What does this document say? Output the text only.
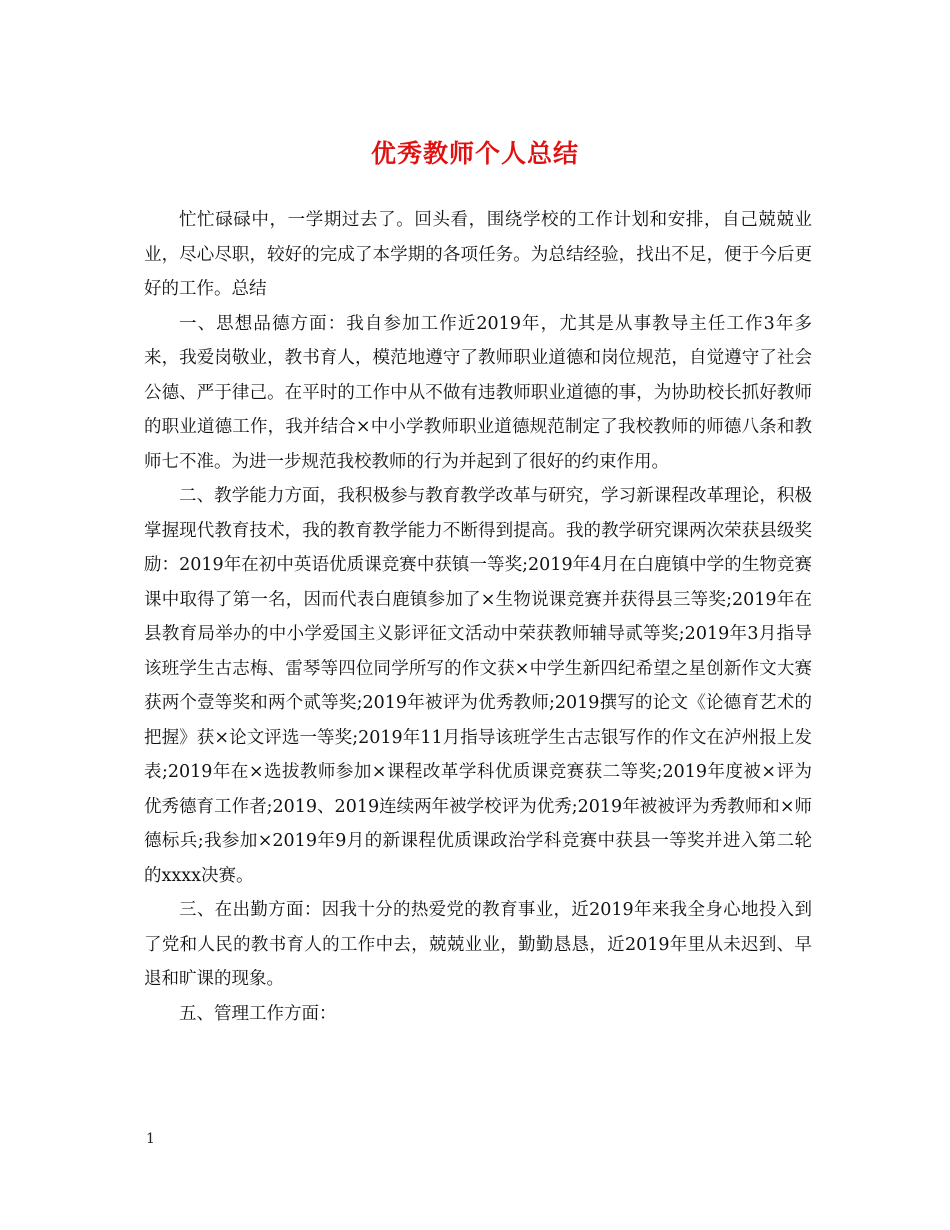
优秀教师个人总结

忙忙碌碌中，一学期过去了。回头看，围绕学校的工作计划和安排，自己兢兢业业，尽心尽职，较好的完成了本学期的各项任务。为总结经验，找出不足，便于今后更好的工作。总结

一、思想品德方面：我自参加工作近2019年，尤其是从事教导主任工作3年多来，我爱岗敬业，教书育人，模范地遵守了教师职业道德和岗位规范，自觉遵守了社会公德、严于律己。在平时的工作中从不做有违教师职业道德的事，为协助校长抓好教师的职业道德工作，我并结合×中小学教师职业道德规范制定了我校教师的师德八条和教师七不准。为进一步规范我校教师的行为并起到了很好的约束作用。

二、教学能力方面，我积极参与教育教学改革与研究，学习新课程改革理论，积极掌握现代教育技术，我的教育教学能力不断得到提高。我的教学研究课两次荣获县级奖励：2019年在初中英语优质课竞赛中获镇一等奖;2019年4月在白鹿镇中学的生物竞赛课中取得了第一名，因而代表白鹿镇参加了×生物说课竞赛并获得县三等奖;2019年在县教育局举办的中小学爱国主义影评征文活动中荣获教师辅导贰等奖;2019年3月指导该班学生古志梅、雷琴等四位同学所写的作文获×中学生新四纪希望之星创新作文大赛获两个壹等奖和两个贰等奖;2019年被评为优秀教师;2019撰写的论文《论德育艺术的把握》获×论文评选一等奖;2019年11月指导该班学生古志银写作的作文在泸州报上发表;2019年在×选拔教师参加×课程改革学科优质课竞赛获二等奖;2019年度被×评为优秀德育工作者;2019、2019连续两年被学校评为优秀;2019年被被评为秀教师和×师德标兵;我参加×2019年9月的新课程优质课政治学科竞赛中获县一等奖并进入第二轮的xxxx决赛。

三、在出勤方面：因我十分的热爱党的教育事业，近2019年来我全身心地投入到了党和人民的教书育人的工作中去，兢兢业业，勤勤恳恳，近2019年里从未迟到、早退和旷课的现象。

五、管理工作方面：

1
